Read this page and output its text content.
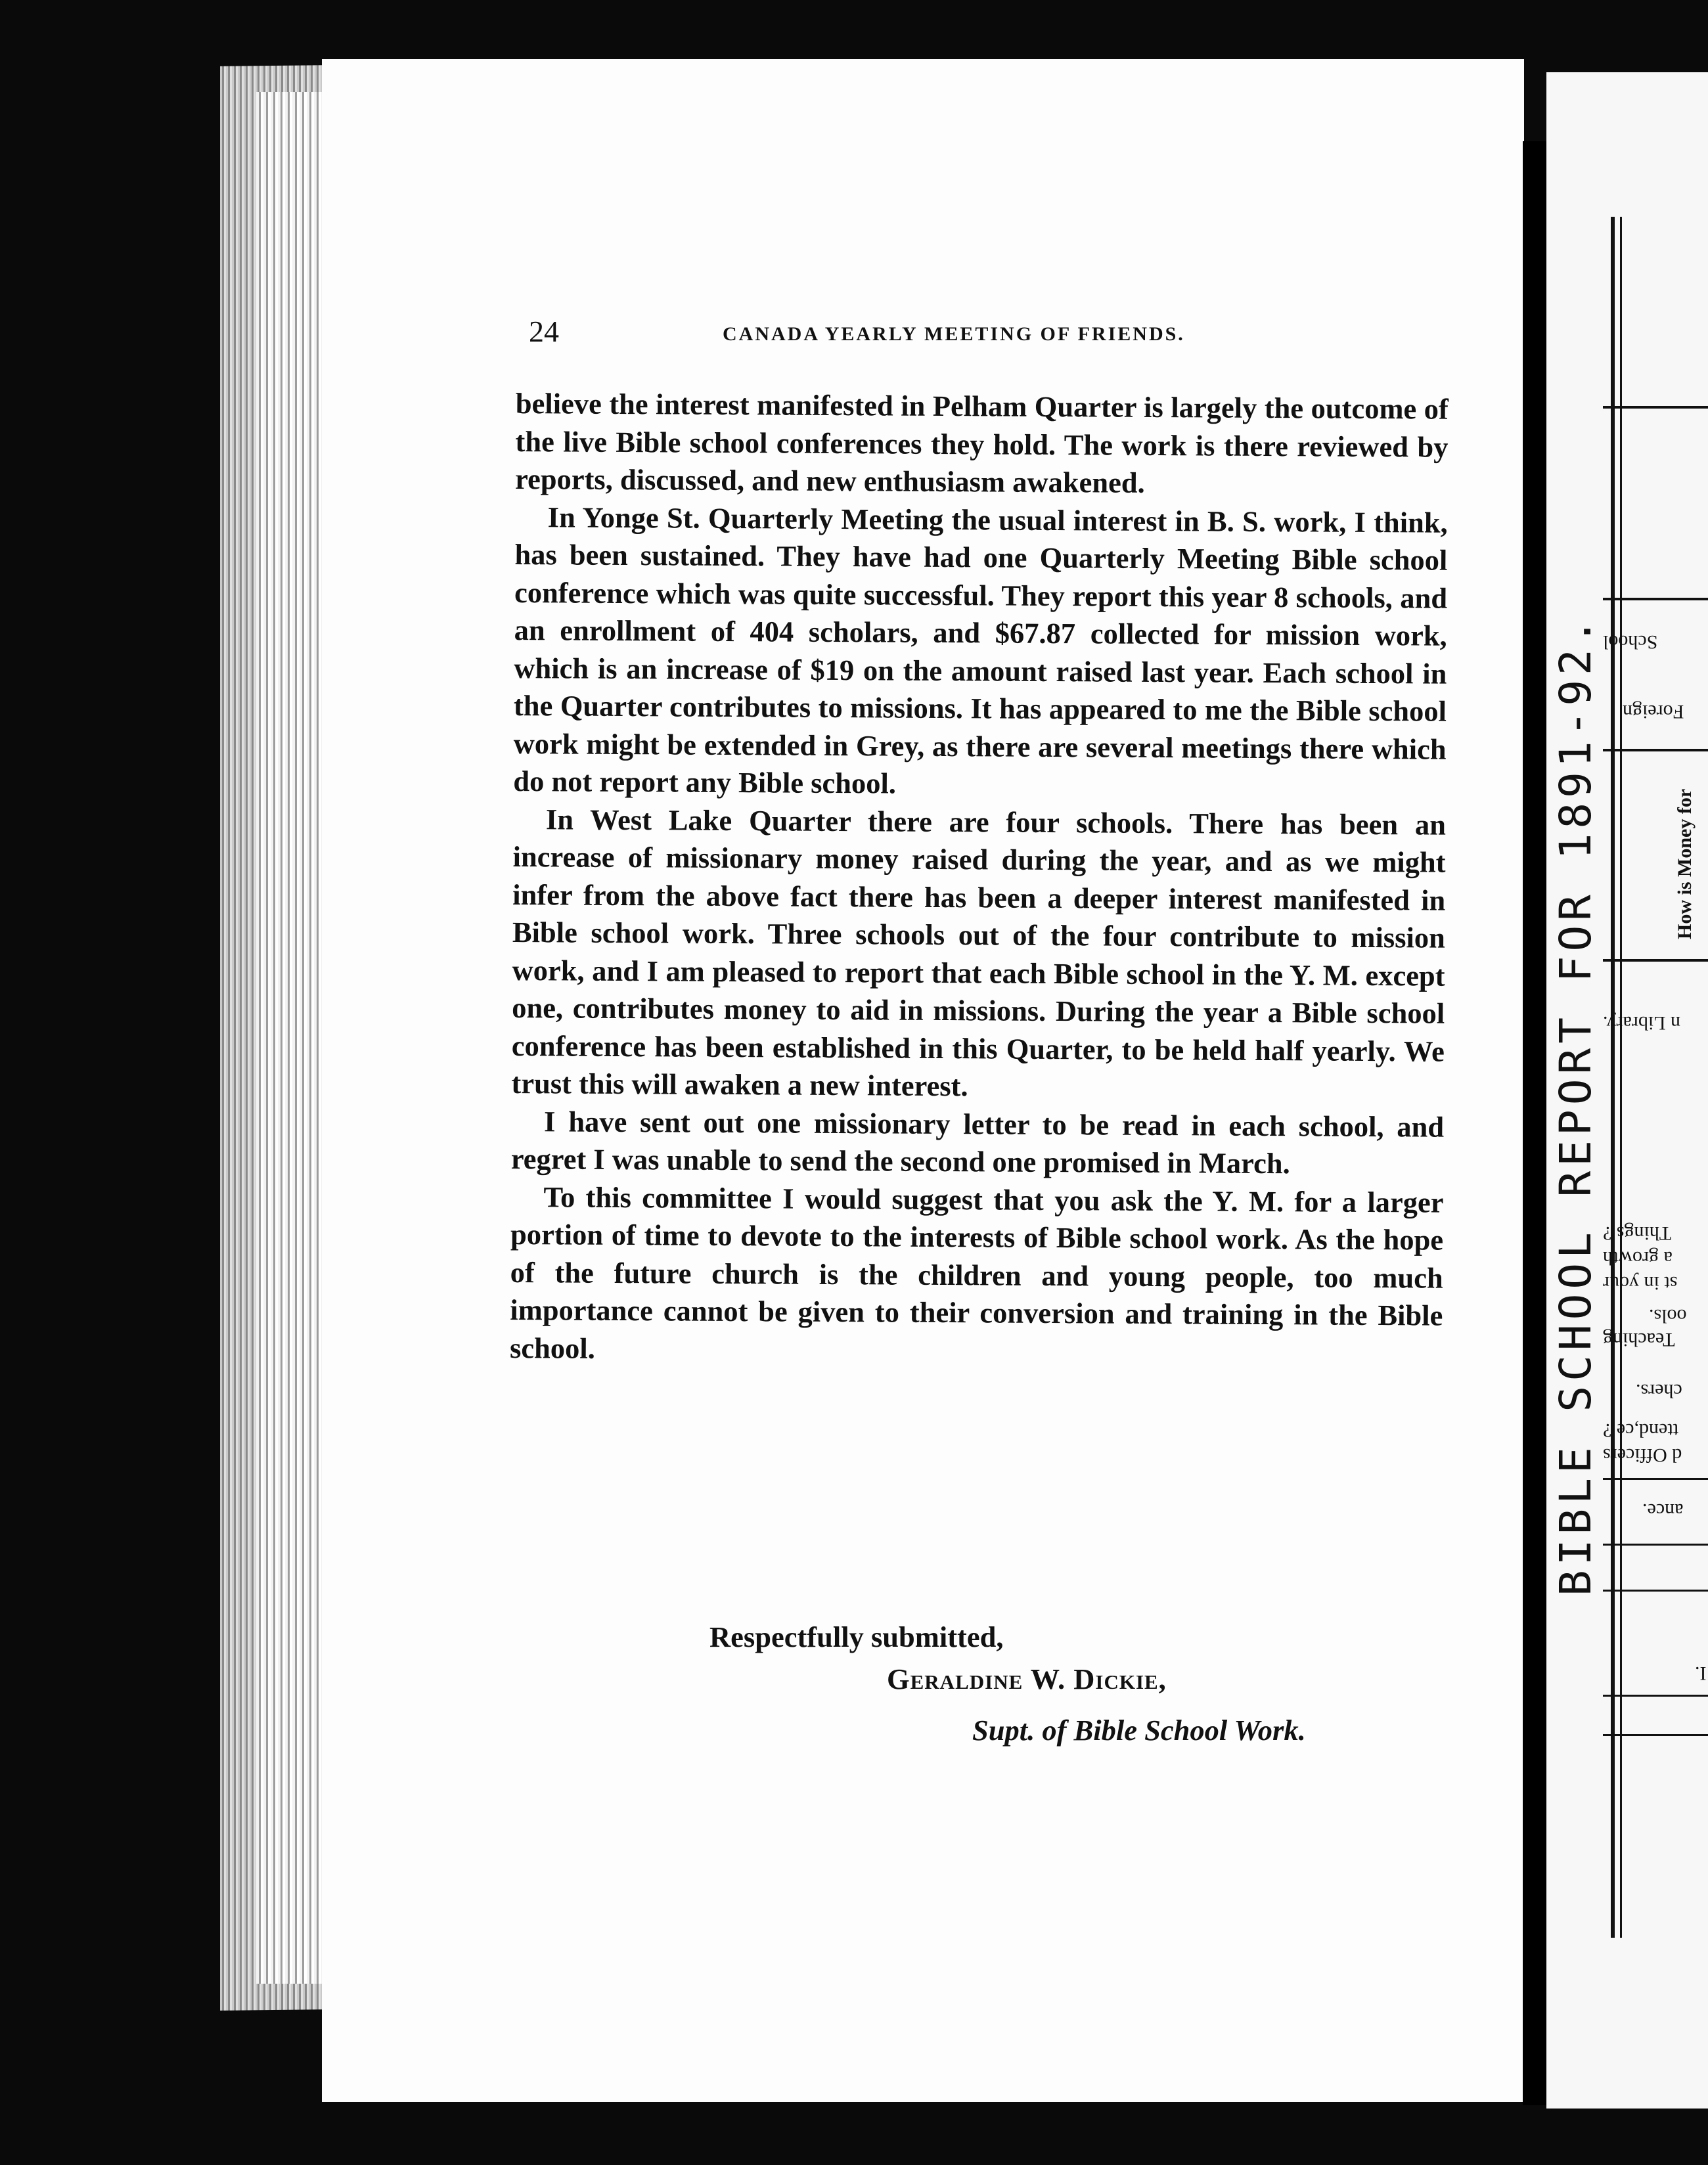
24	CANADA YEARLY MEETING OF FRIENDS.

believe the interest manifested in Pelham Quarter is largely the outcome of the live Bible school conferences they hold. The work is there reviewed by reports, discussed, and new enthusiasm awakened.

In Yonge St. Quarterly Meeting the usual interest in B. S. work, I think, has been sustained. They have had one Quarterly Meeting Bible school conference which was quite successful. They report this year 8 schools, and an enrollment of 404 scholars, and $67.87 collected for mission work, which is an increase of $19 on the amount raised last year. Each school in the Quarter contributes to missions. It has appeared to me the Bible school work might be extended in Grey, as there are several meetings there which do not report any Bible school.

In West Lake Quarter there are four schools. There has been an increase of missionary money raised during the year, and as we might infer from the above fact there has been a deeper interest manifested in Bible school work. Three schools out of the four contribute to mission work, and I am pleased to report that each Bible school in the Y. M. except one, contributes money to aid in missions. During the year a Bible school conference has been established in this Quarter, to be held half yearly. We trust this will awaken a new interest.

I have sent out one missionary letter to be read in each school, and regret I was unable to send the second one promised in March.

To this committee I would suggest that you ask the Y. M. for a larger portion of time to devote to the interests of Bible school work. As the hope of the future church is the children and young people, too much importance cannot be given to their conversion and training in the Bible school.

Respectfully submitted,
Geraldine W. Dickie,
Supt. of Bible School Work.
BIBLE SCHOOL REPORT FOR 1891-92. School
Foreign
How is Money for
n Library.
Things ?
st in your
a growth
Teaching
ools.
chers.
ttend,ce ?
d Officers
ance.
I.
